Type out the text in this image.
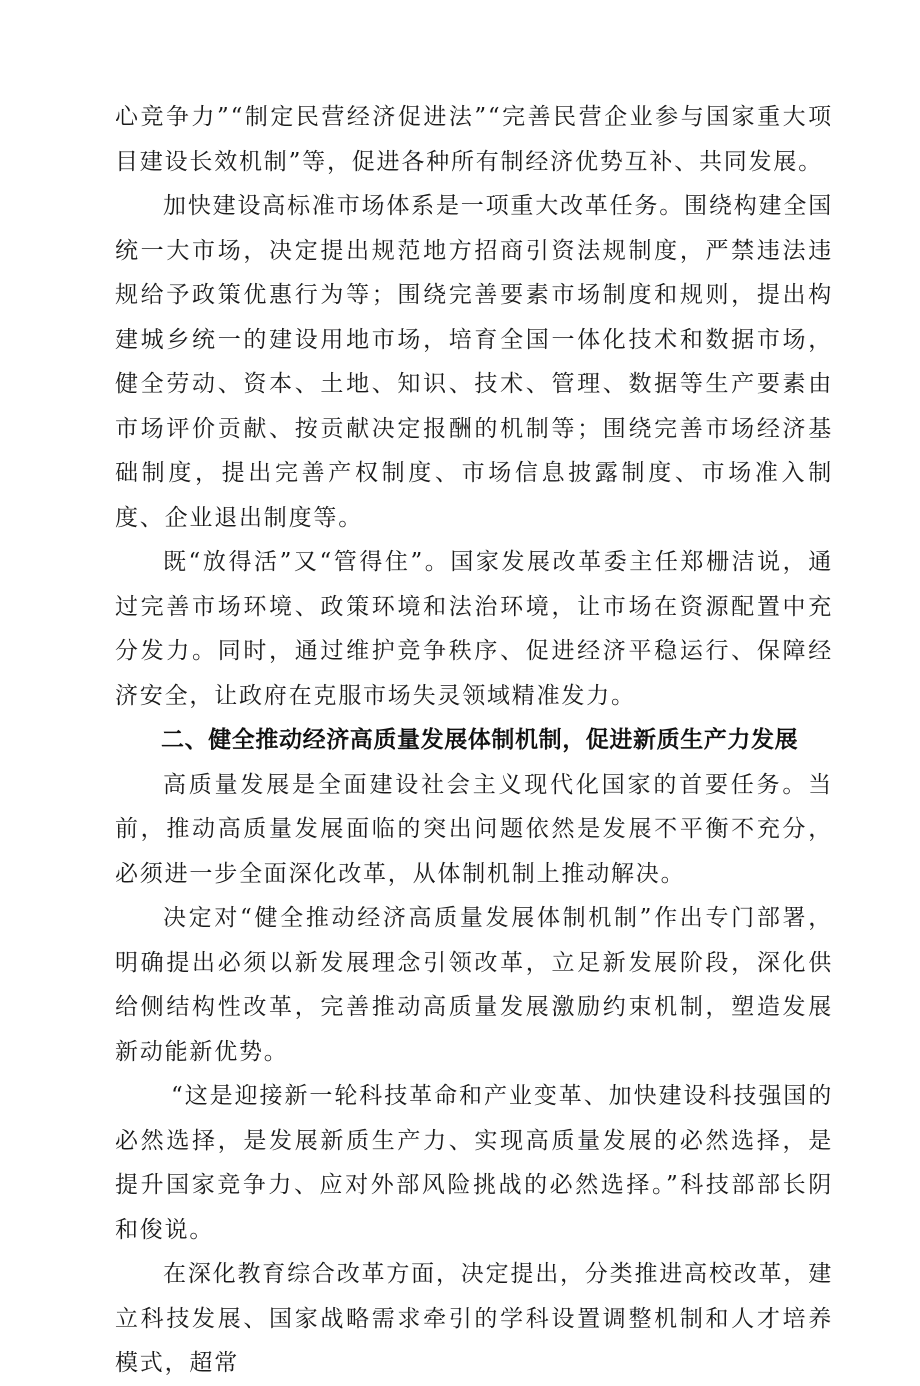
心竞争力”“制定民营经济促进法”“完善民营企业参与国家重大项目建设长效机制”等，促进各种所有制经济优势互补、共同发展。

加快建设高标准市场体系是一项重大改革任务。围绕构建全国统一大市场，决定提出规范地方招商引资法规制度，严禁违法违规给予政策优惠行为等；围绕完善要素市场制度和规则，提出构建城乡统一的建设用地市场，培育全国一体化技术和数据市场，健全劳动、资本、土地、知识、技术、管理、数据等生产要素由市场评价贡献、按贡献决定报酬的机制等；围绕完善市场经济基础制度，提出完善产权制度、市场信息披露制度、市场准入制度、企业退出制度等。

既“放得活”又“管得住”。国家发展改革委主任郑栅洁说，通过完善市场环境、政策环境和法治环境，让市场在资源配置中充分发力。同时，通过维护竞争秩序、促进经济平稳运行、保障经济安全，让政府在克服市场失灵领域精准发力。

二、健全推动经济高质量发展体制机制，促进新质生产力发展

高质量发展是全面建设社会主义现代化国家的首要任务。当前，推动高质量发展面临的突出问题依然是发展不平衡不充分，必须进一步全面深化改革，从体制机制上推动解决。

决定对“健全推动经济高质量发展体制机制”作出专门部署，明确提出必须以新发展理念引领改革，立足新发展阶段，深化供给侧结构性改革，完善推动高质量发展激励约束机制，塑造发展新动能新优势。

“这是迎接新一轮科技革命和产业变革、加快建设科技强国的必然选择，是发展新质生产力、实现高质量发展的必然选择，是提升国家竞争力、应对外部风险挑战的必然选择。”科技部部长阴和俊说。

在深化教育综合改革方面，决定提出，分类推进高校改革，建立科技发展、国家战略需求牵引的学科设置调整机制和人才培养模式，超常
